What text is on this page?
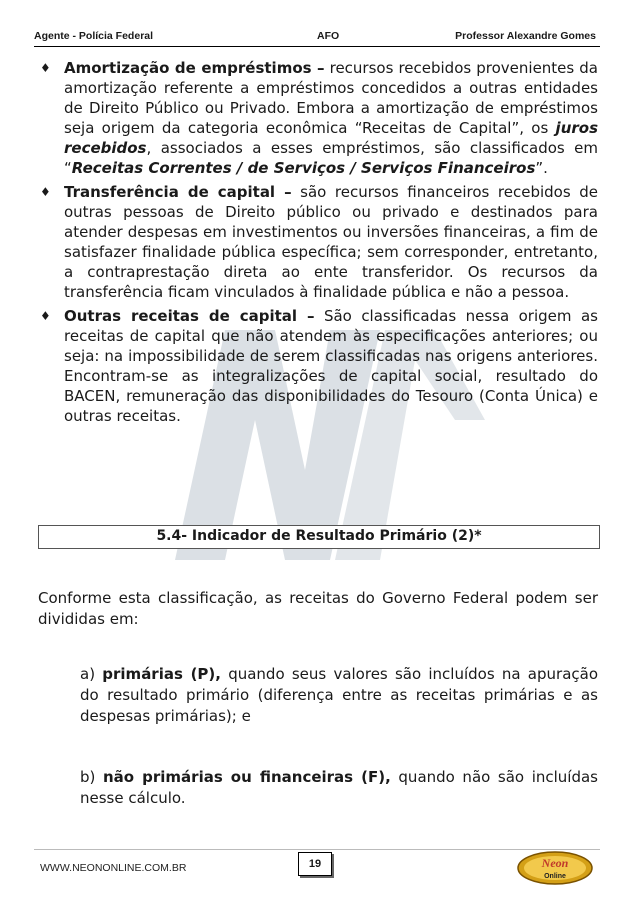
Agente - Polícia Federal	AFO	Professor Alexandre Gomes
♦ Amortização de empréstimos – recursos recebidos provenientes da amortização referente a empréstimos concedidos a outras entidades de Direito Público ou Privado. Embora a amortização de empréstimos seja origem da categoria econômica “Receitas de Capital”, os juros recebidos, associados a esses empréstimos, são classificados em “Receitas Correntes / de Serviços / Serviços Financeiros”.
♦ Transferência de capital – são recursos financeiros recebidos de outras pessoas de Direito público ou privado e destinados para atender despesas em investimentos ou inversões financeiras, a fim de satisfazer finalidade pública específica; sem corresponder, entretanto, a contraprestação direta ao ente transferidor. Os recursos da transferência ficam vinculados à finalidade pública e não a pessoa.
♦ Outras receitas de capital – São classificadas nessa origem as receitas de capital que não atendem às especificações anteriores; ou seja: na impossibilidade de serem classificadas nas origens anteriores. Encontram-se as integralizações de capital social, resultado do BACEN, remuneração das disponibilidades do Tesouro (Conta Única) e outras receitas.
5.4- Indicador de Resultado Primário (2)*
Conforme esta classificação, as receitas do Governo Federal podem ser divididas em:
a) primárias (P), quando seus valores são incluídos na apuração do resultado primário (diferença entre as receitas primárias e as despesas primárias); e
b) não primárias ou financeiras (F), quando não são incluídas nesse cálculo.
WWW.NEONONLINE.COM.BR	19	Neon
Online
